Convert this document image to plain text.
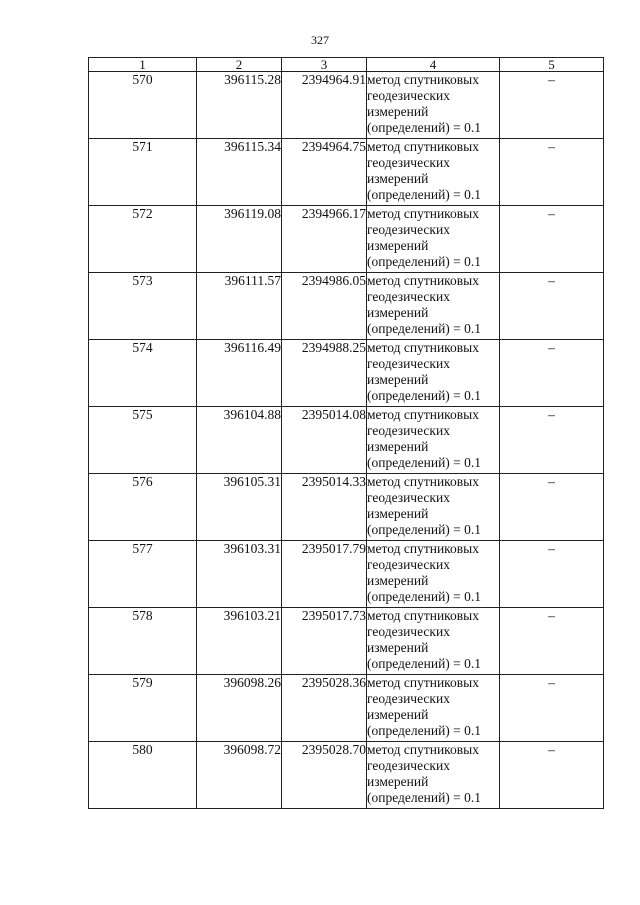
327
1	2	3	4	5
570	396115.28	2394964.91	метод спутниковых
геодезических
измерений
(определений) = 0.1	–
571	396115.34	2394964.75	метод спутниковых
геодезических
измерений
(определений) = 0.1	–
572	396119.08	2394966.17	метод спутниковых
геодезических
измерений
(определений) = 0.1	–
573	396111.57	2394986.05	метод спутниковых
геодезических
измерений
(определений) = 0.1	–
574	396116.49	2394988.25	метод спутниковых
геодезических
измерений
(определений) = 0.1	–
575	396104.88	2395014.08	метод спутниковых
геодезических
измерений
(определений) = 0.1	–
576	396105.31	2395014.33	метод спутниковых
геодезических
измерений
(определений) = 0.1	–
577	396103.31	2395017.79	метод спутниковых
геодезических
измерений
(определений) = 0.1	–
578	396103.21	2395017.73	метод спутниковых
геодезических
измерений
(определений) = 0.1	–
579	396098.26	2395028.36	метод спутниковых
геодезических
измерений
(определений) = 0.1	–
580	396098.72	2395028.70	метод спутниковых
геодезических
измерений
(определений) = 0.1	–
